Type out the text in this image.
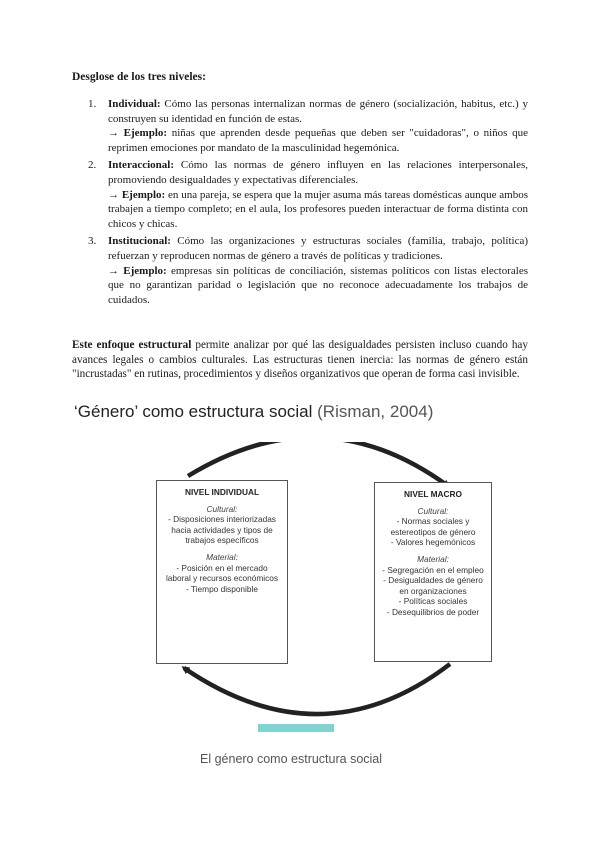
Desglose de los tres niveles:
1. Individual: Cómo las personas internalizan normas de género (socialización, habitus, etc.) y construyen su identidad en función de estas.
→ Ejemplo: niñas que aprenden desde pequeñas que deben ser "cuidadoras", o niños que reprimen emociones por mandato de la masculinidad hegemónica.
2. Interaccional: Cómo las normas de género influyen en las relaciones interpersonales, promoviendo desigualdades y expectativas diferenciales.
→ Ejemplo: en una pareja, se espera que la mujer asuma más tareas domésticas aunque ambos trabajen a tiempo completo; en el aula, los profesores pueden interactuar de forma distinta con chicos y chicas.
3. Institucional: Cómo las organizaciones y estructuras sociales (familia, trabajo, política) refuerzan y reproducen normas de género a través de políticas y tradiciones.
→ Ejemplo: empresas sin políticas de conciliación, sistemas políticos con listas electorales que no garantizan paridad o legislación que no reconoce adecuadamente los trabajos de cuidados.

Este enfoque estructural permite analizar por qué las desigualdades persisten incluso cuando hay avances legales o cambios culturales. Las estructuras tienen inercia: las normas de género están "incrustadas" en rutinas, procedimientos y diseños organizativos que operan de forma casi invisible.

‘Género’ como estructura social (Risman, 2004)
NIVEL INDIVIDUAL
Cultural:
- Disposiciones interiorizadas hacia actividades y tipos de trabajos específicos
Material:
- Posición en el mercado laboral y recursos económicos
- Tiempo disponible
NIVEL MACRO
Cultural:
- Normas sociales y estereotipos de género
- Valores hegemónicos
Material:
- Segregación en el empleo
- Desigualdades de género en organizaciones
- Políticas sociales
- Desequilibrios de poder
El género como estructura social
